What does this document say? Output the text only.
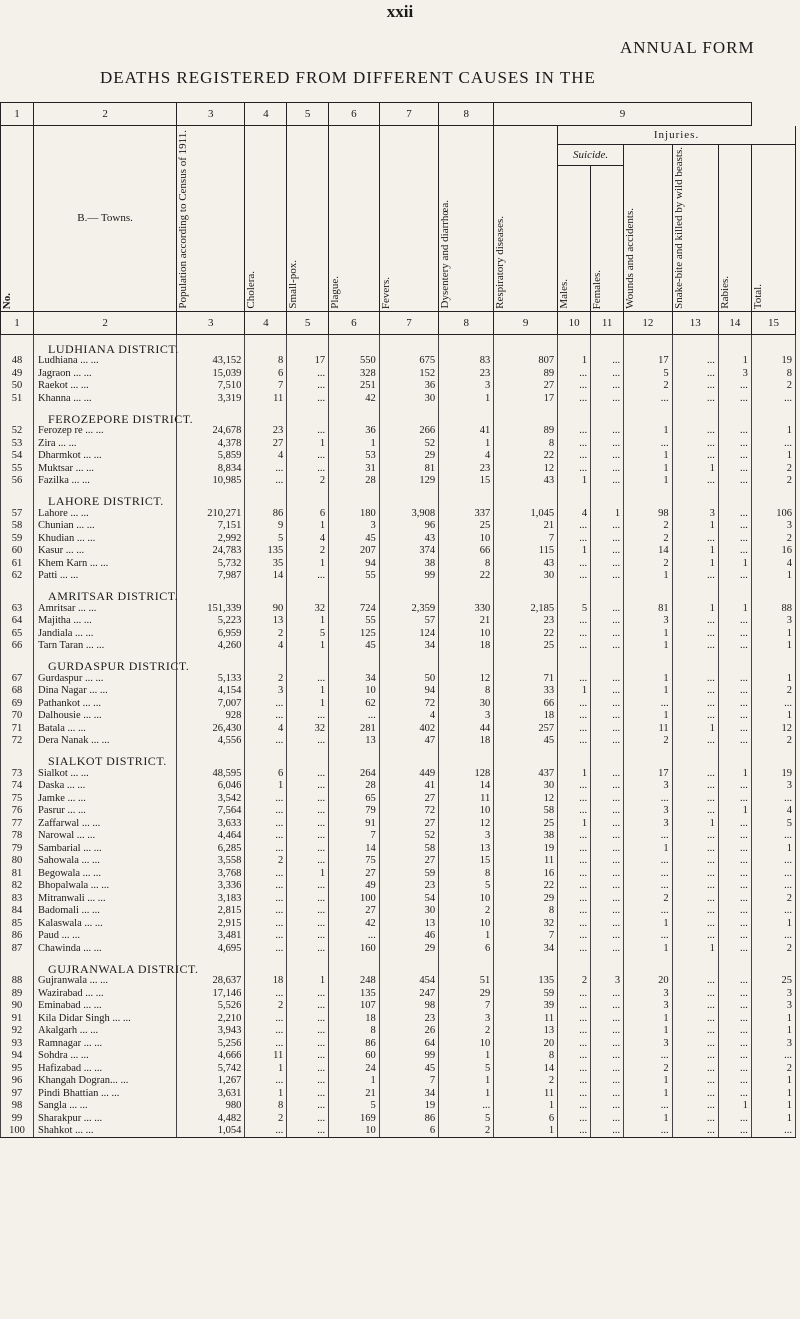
xxii
ANNUAL FORM
DEATHS REGISTERED FROM DIFFERENT CAUSES IN THE
1	2	3	4	5	6	7	8	9						

No.	B.— Towns.	Population according to Census of 1911.	Cholera.	Small-pox.	Plague.	Fevers.	Dysentery and diarrhœa.	Respiratory diseases.	Injuries.					
									Suicide.		Wounds and accidents.	Snake-bite and killed by wild beasts.	Rabies.	Total.

									Males.	Females.				

1	2	3	4	5	6	7	8	9	10	11	12	13	14	15
	LUDHIANA DISTRICT.													
48	Ludhiana ... ...	43,152	8	17	550	675	83	807	1	...	17	...	1	19
49	Jagraon ... ...	15,039	6	...	328	152	23	89	...	...	5	...	3	8
50	Raekot ... ...	7,510	7	...	251	36	3	27	...	...	2	...	...	2
51	Khanna ... ...	3,319	11	...	42	30	1	17	...	...	...	...	...	...
	FEROZEPORE DISTRICT.													
52	Ferozep re ... ...	24,678	23	...	36	266	41	89	...	...	1	...	...	1
53	Zira ... ...	4,378	27	1	1	52	1	8	...	...	...	...	...	...
54	Dharmkot ... ...	5,859	4	...	53	29	4	22	...	...	1	...	...	1
55	Muktsar ... ...	8,834	...	...	31	81	23	12	...	...	1	1	...	2
56	Fazilka ... ...	10,985	...	2	28	129	15	43	1	...	1	...	...	2
	LAHORE DISTRICT.													
57	Lahore ... ...	210,271	86	6	180	3,908	337	1,045	4	1	98	3	...	106
58	Chunian ... ...	7,151	9	1	3	96	25	21	...	...	2	1	...	3
59	Khudian ... ...	2,992	5	4	45	43	10	7	...	...	2	...	...	2
60	Kasur ... ...	24,783	135	2	207	374	66	115	1	...	14	1	...	16
61	Khem Karn ... ...	5,732	35	1	94	38	8	43	...	...	2	1	1	4
62	Patti ... ...	7,987	14	...	55	99	22	30	...	...	1	...	...	1
	AMRITSAR DISTRICT.													
63	Amritsar ... ...	151,339	90	32	724	2,359	330	2,185	5	...	81	1	1	88
64	Majitha ... ...	5,223	13	1	55	57	21	23	...	...	3	...	...	3
65	Jandiala ... ...	6,959	2	5	125	124	10	22	...	...	1	...	...	1
66	Tarn Taran ... ...	4,260	4	1	45	34	18	25	...	...	1	...	...	1
	GURDASPUR DISTRICT.													
67	Gurdaspur ... ...	5,133	2	...	34	50	12	71	...	...	1	...	...	1
68	Dina Nagar ... ...	4,154	3	1	10	94	8	33	1	...	1	...	...	2
69	Pathankot ... ...	7,007	...	1	62	72	30	66	...	...	...	...	...	...
70	Dalhousie ... ...	928	...	...	...	4	3	18	...	...	1	...	...	1
71	Batala ... ...	26,430	4	32	281	402	44	257	...	...	11	1	...	12
72	Dera Nanak ... ...	4,556	...	...	13	47	18	45	...	...	2	...	...	2
	SIALKOT DISTRICT.													
73	Sialkot ... ...	48,595	6	...	264	449	128	437	1	...	17	...	1	19
74	Daska ... ...	6,046	1	...	28	41	14	30	...	...	3	...	...	3
75	Jamke ... ...	3,542	...	...	65	27	11	12	...	...	...	...	...	...
76	Pasrur ... ...	7,564	...	...	79	72	10	58	...	...	3	...	1	4
77	Zaffarwal ... ...	3,633	...	...	91	27	12	25	1	...	3	1	...	5
78	Narowal ... ...	4,464	...	...	7	52	3	38	...	...	...	...	...	...
79	Sambarial ... ...	6,285	...	...	14	58	13	19	...	...	1	...	...	1
80	Sahowala ... ...	3,558	2	...	75	27	15	11	...	...	...	...	...	...
81	Begowala ... ...	3,768	...	1	27	59	8	16	...	...	...	...	...	...
82	Bhopalwala ... ...	3,336	...	...	49	23	5	22	...	...	...	...	...	...
83	Mitranwali ... ...	3,183	...	...	100	54	10	29	...	...	2	...	...	2
84	Badomali ... ...	2,815	...	...	27	30	2	8	...	...	...	...	...	...
85	Kalaswala ... ...	2,915	...	...	42	13	10	32	...	...	1	...	...	1
86	Paud ... ...	3,481	...	...	...	46	1	7	...	...	...	...	...	...
87	Chawinda ... ...	4,695	...	...	160	29	6	34	...	...	1	1	...	2
	GUJRANWALA DISTRICT.													
88	Gujranwala ... ...	28,637	18	1	248	454	51	135	2	3	20	...	...	25
89	Wazirabad ... ...	17,146	...	...	135	247	29	59	...	...	3	...	...	3
90	Eminabad ... ...	5,526	2	...	107	98	7	39	...	...	3	...	...	3
91	Kila Didar Singh ... ...	2,210	...	...	18	23	3	11	...	...	1	...	...	1
92	Akalgarh ... ...	3,943	...	...	8	26	2	13	...	...	1	...	...	1
93	Ramnagar ... ...	5,256	...	...	86	64	10	20	...	...	3	...	...	3
94	Sohdra ... ...	4,666	11	...	60	99	1	8	...	...	...	...	...	...
95	Hafizabad ... ...	5,742	1	...	24	45	5	14	...	...	2	...	...	2
96	Khangah Dogran... ...	1,267	...	...	1	7	1	2	...	...	1	...	...	1
97	Pindi Bhattian ... ...	3,631	1	...	21	34	1	11	...	...	1	...	...	1
98	Sangla ... ...	980	8	...	5	19	...	1	...	...	...	...	1	1
99	Sharakpur ... ...	4,482	2	...	169	86	5	6	...	...	1	...	...	1
100	Shahkot ... ...	1,054	...	...	10	6	2	1	...	...	...	...	...	...
